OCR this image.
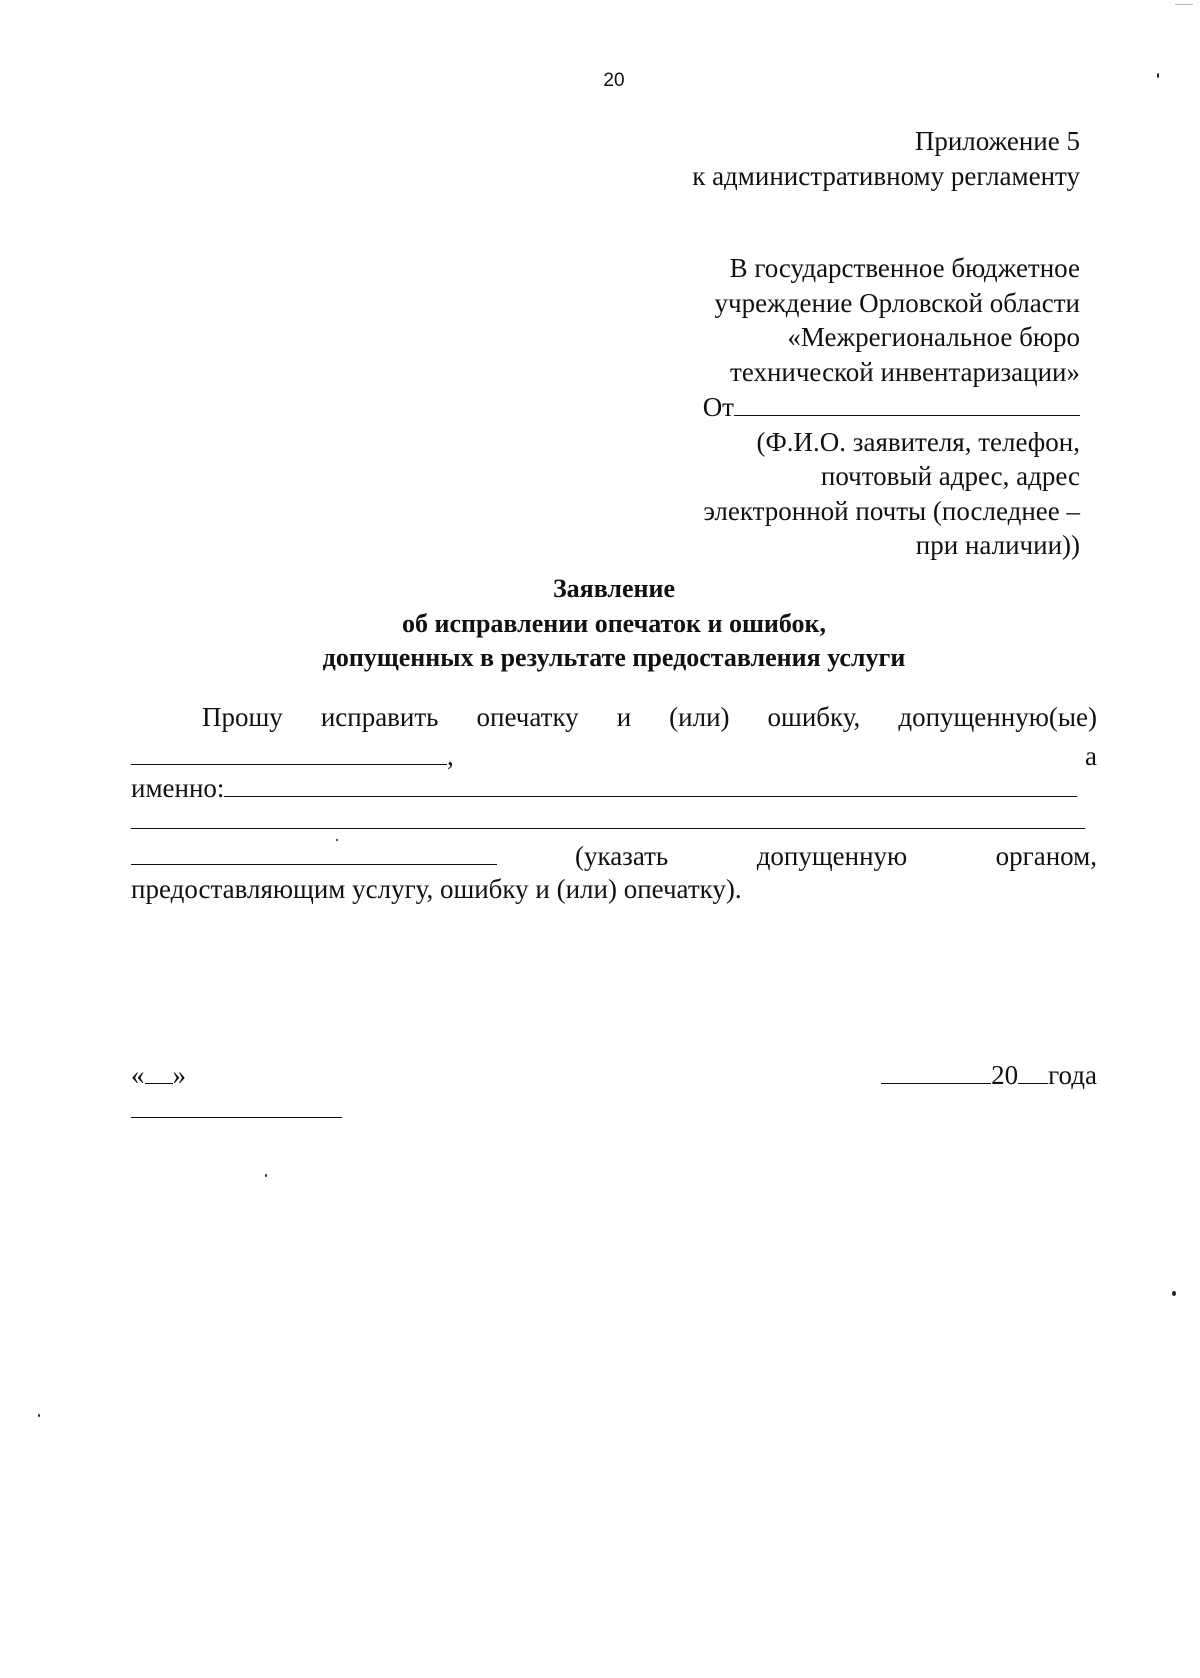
20
Приложение 5
к административному регламенту
В государственное бюджетное
учреждение Орловской области
«Межрегиональное бюро
технической инвентаризации»
От
(Ф.И.О. заявителя, телефон,
почтовый адрес, адрес
электронной почты (последнее –
при наличии))
Заявление
об исправлении опечаток и ошибок,
допущенных в результате предоставления услуги
Прошу исправить опечатку и (или) ошибку, допущенную(ые)
,	а
именно:
(указать	допущенную	органом,
предоставляющим услугу, ошибку и (или) опечатку).
« »	20 года
